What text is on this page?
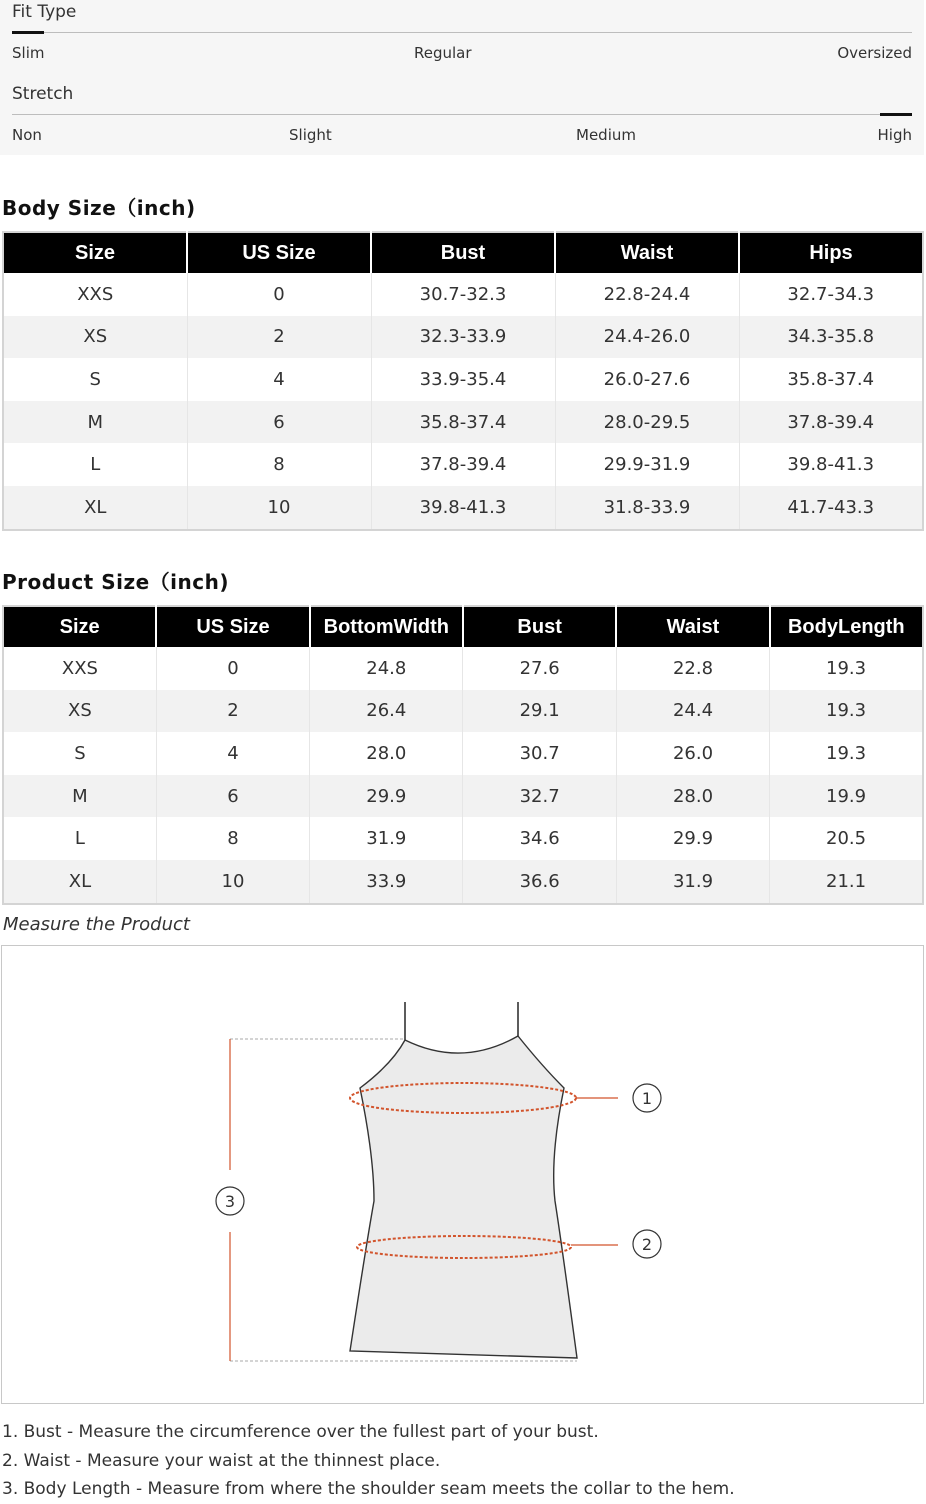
Fit Type
Slim	Regular	Oversized
Stretch
Non	Slight	Medium	High
Body Size（inch)
Size	US Size	Bust	Waist	Hips
XXS	0	30.7-32.3	22.8-24.4	32.7-34.3
XS	2	32.3-33.9	24.4-26.0	34.3-35.8
S	4	33.9-35.4	26.0-27.6	35.8-37.4
M	6	35.8-37.4	28.0-29.5	37.8-39.4
L	8	37.8-39.4	29.9-31.9	39.8-41.3
XL	10	39.8-41.3	31.8-33.9	41.7-43.3
Product Size（inch)
Size	US Size	BottomWidth	Bust	Waist	BodyLength
XXS	0	24.8	27.6	22.8	19.3
XS	2	26.4	29.1	24.4	19.3
S	4	28.0	30.7	26.0	19.3
M	6	29.9	32.7	28.0	19.9
L	8	31.9	34.6	29.9	20.5
XL	10	33.9	36.6	31.9	21.1
Measure the Product
1
2
3
1. Bust - Measure the circumference over the fullest part of your bust.
2. Waist - Measure your waist at the thinnest place.
3. Body Length - Measure from where the shoulder seam meets the collar to the hem.
